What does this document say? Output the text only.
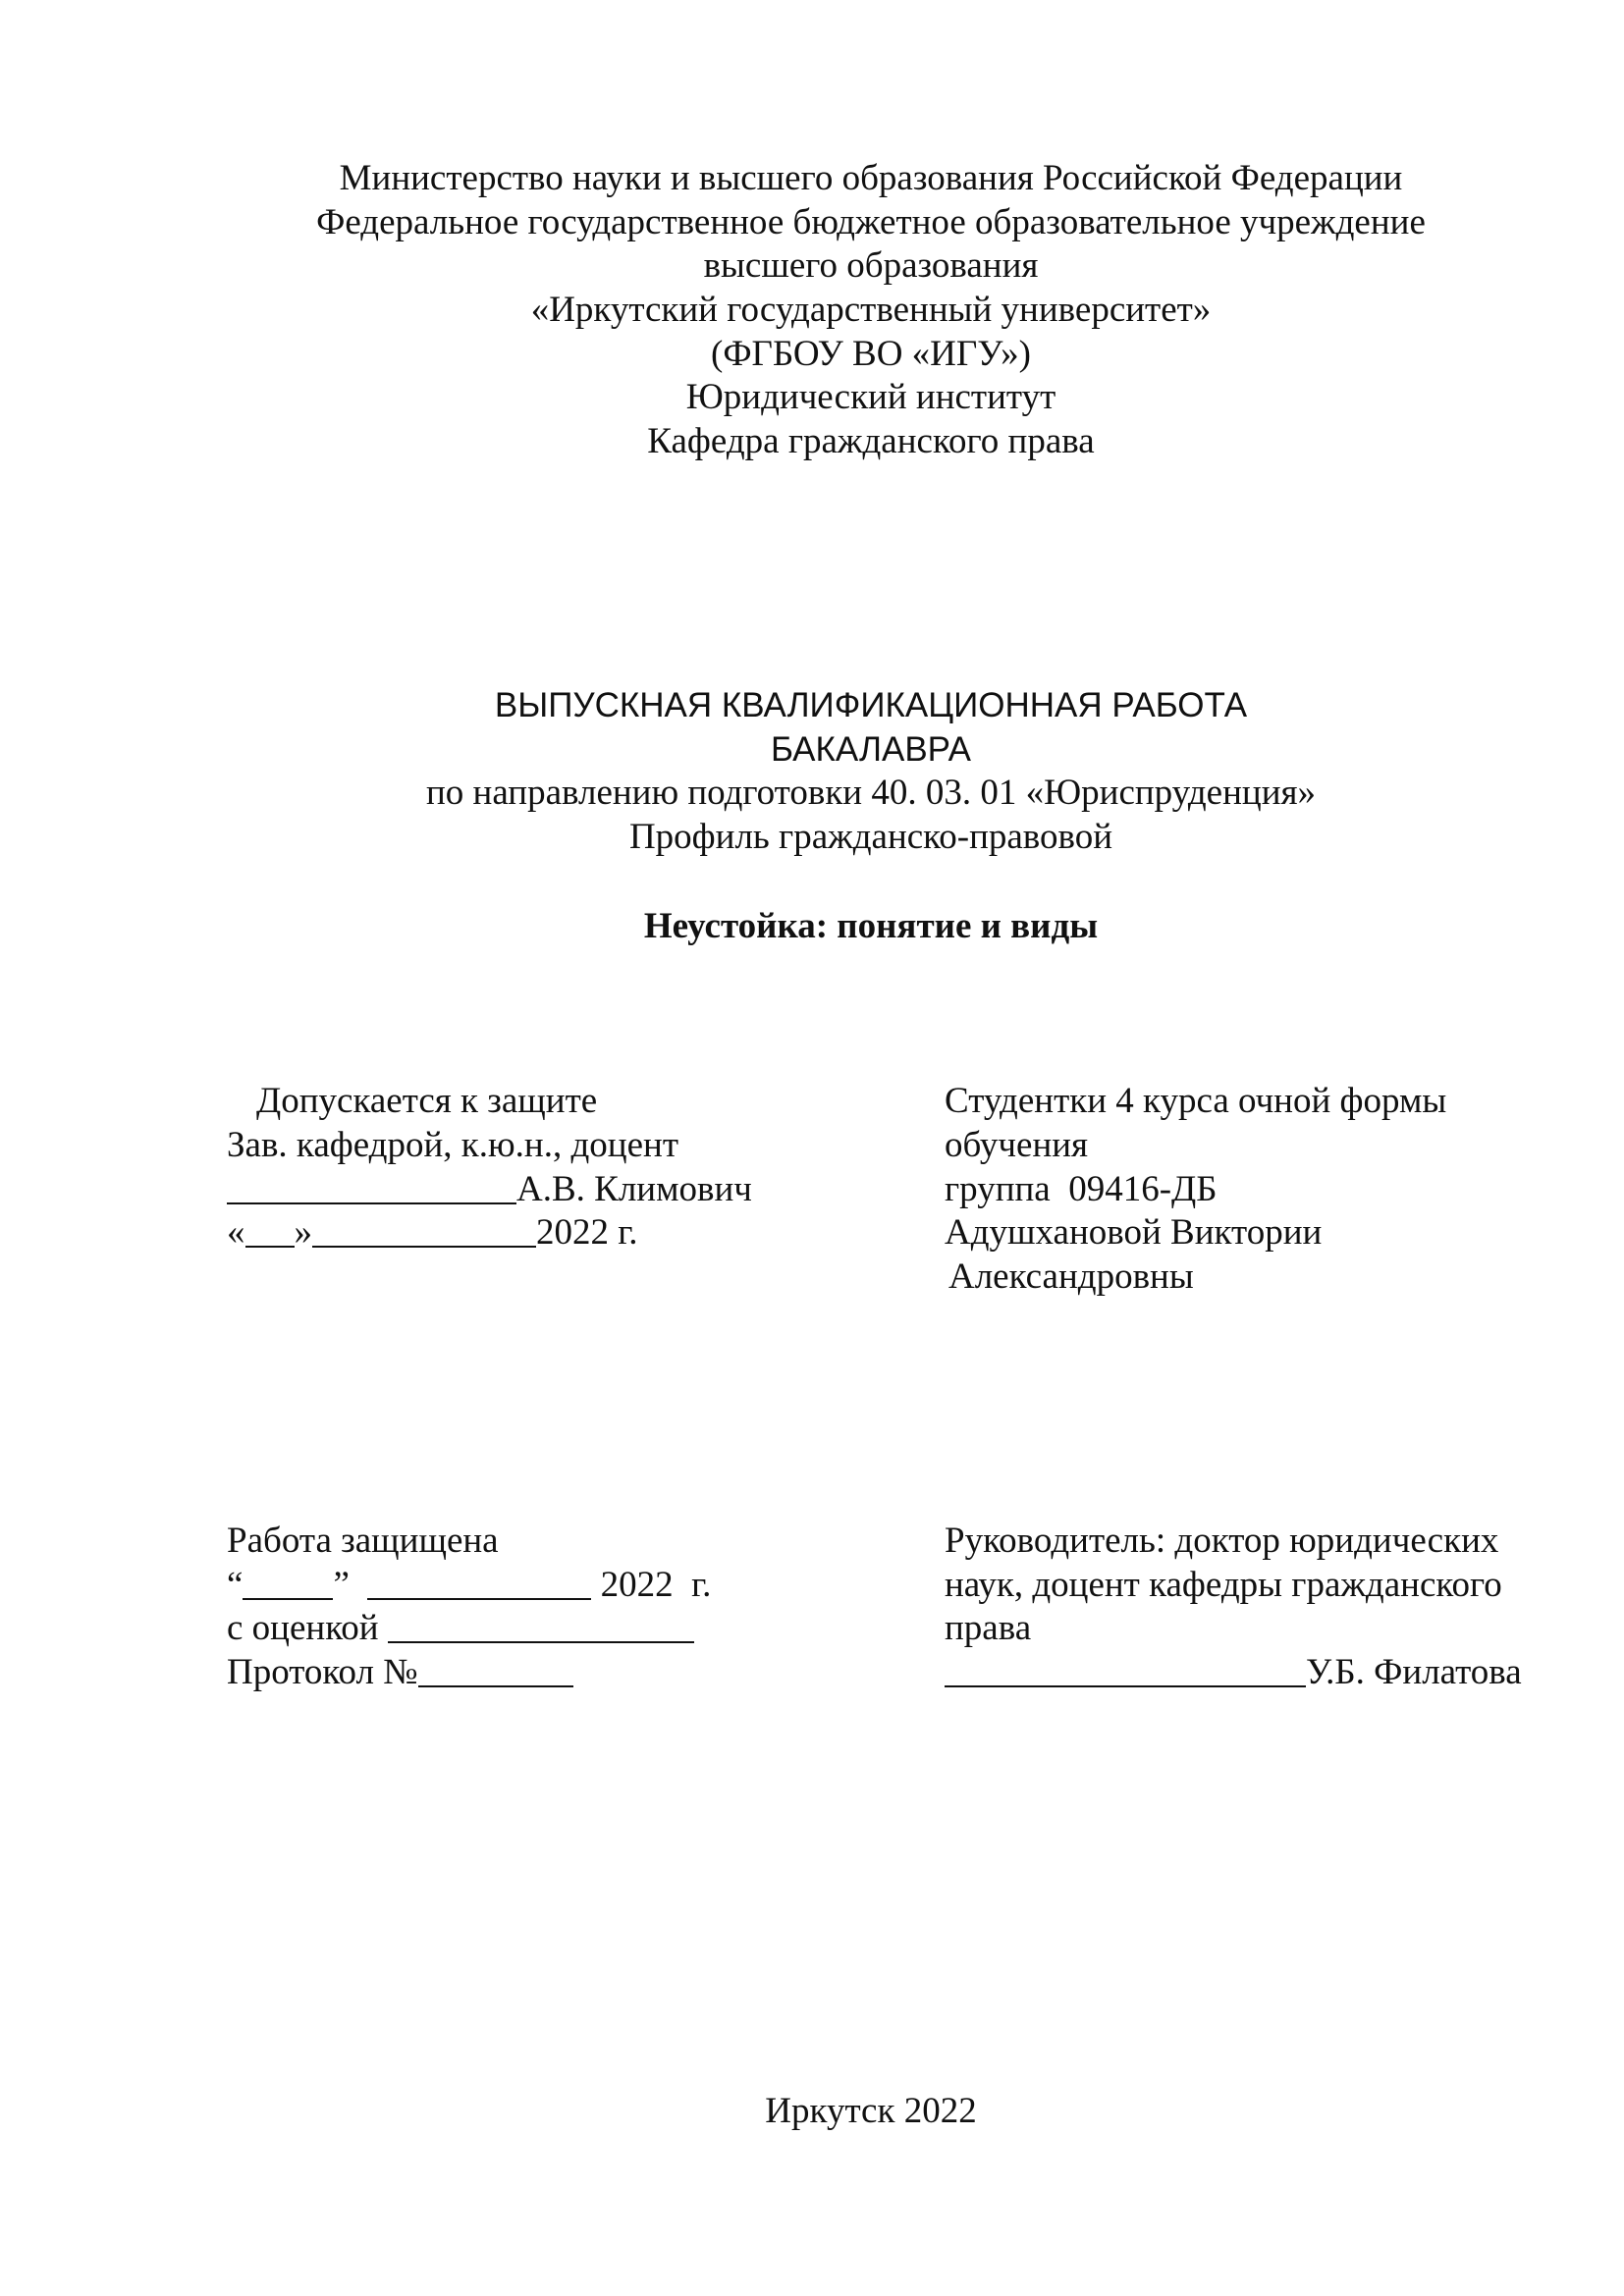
Министерство науки и высшего образования Российской Федерации
Федеральное государственное бюджетное образовательное учреждение
высшего образования
«Иркутский государственный университет»
(ФГБОУ ВО «ИГУ»)
Юридический институт
Кафедра гражданского права
ВЫПУСКНАЯ КВАЛИФИКАЦИОННАЯ РАБОТА
БАКАЛАВРА
по направлению подготовки 40. 03. 01 «Юриспруденция»
Профиль гражданско-правовой
Неустойка: понятие и виды
Допускается к защите
Зав. кафедрой, к.ю.н., доцент
А.В. Климович
« »	2022 г.
Студентки 4 курса очной формы
обучения
группа  09416-ДБ
Адушхановой Виктории
Александровны
Работа защищена
“ ”	2022  г.
с оценкой
Протокол №
Руководитель: доктор юридических
наук, доцент кафедры гражданского
права
У.Б. Филатова
Иркутск 2022
